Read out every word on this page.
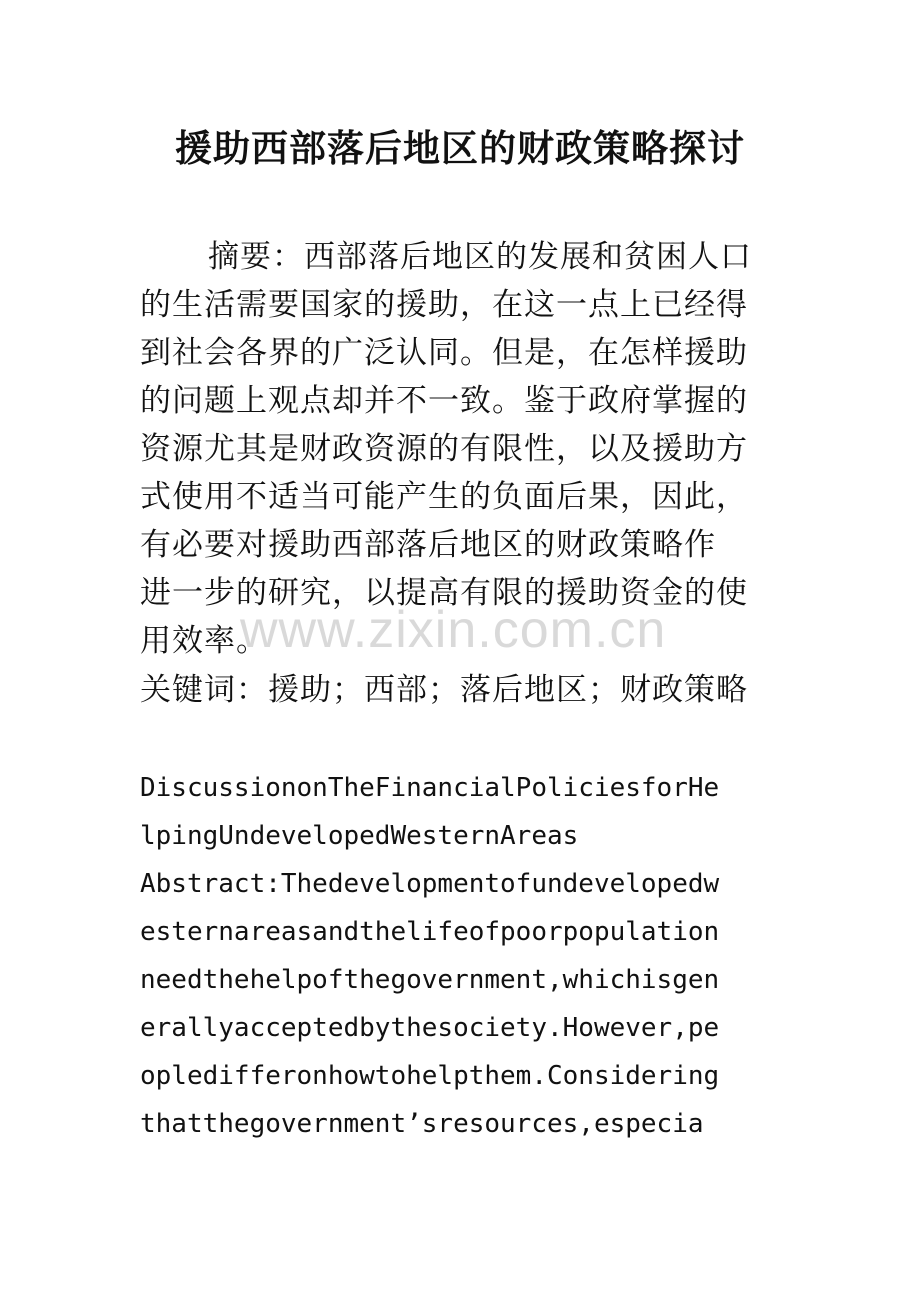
援助西部落后地区的财政策略探讨
摘要：西部落后地区的发展和贫困人口
的生活需要国家的援助，在这一点上已经得
到社会各界的广泛认同。但是，在怎样援助
的问题上观点却并不一致。鉴于政府掌握的
资源尤其是财政资源的有限性，以及援助方
式使用不适当可能产生的负面后果，因此，
有必要对援助西部落后地区的财政策略作
进一步的研究，以提高有限的援助资金的使
用效率。
www.zixin.com.cn
关键词：援助；西部；落后地区；财政策略
DiscussiononTheFinancialPoliciesforHe
lpingUndevelopedWesternAreas
Abstract:Thedevelopmentofundevelopedw
esternareasandthelifeofpoorpopulation
needthehelpofthegovernment,whichisgen
erallyacceptedbythesociety.However,pe
opledifferonhowtohelpthem.Considering
thatthegovernment’sresources,especia
